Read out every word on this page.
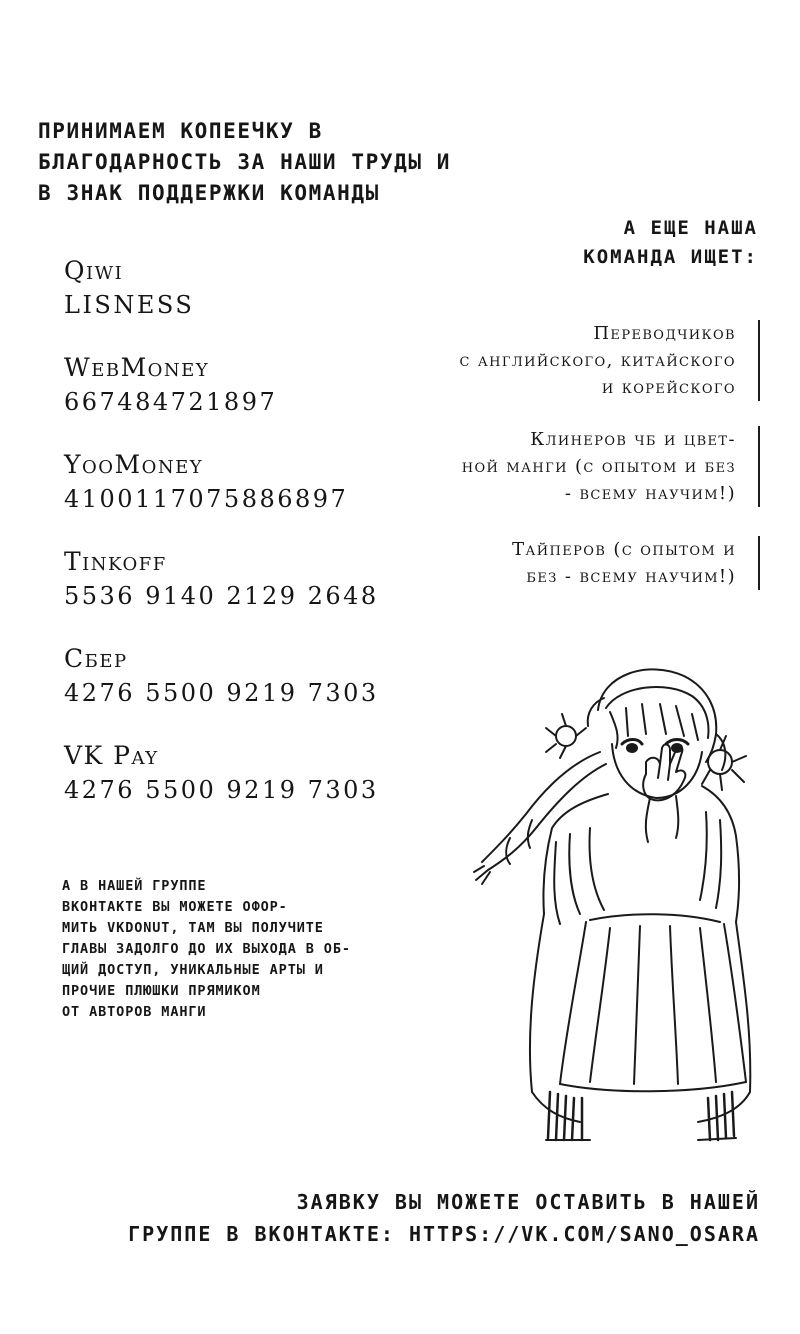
ПРИНИМАЕМ КОПЕЕЧКУ В
БЛАГОДАРНОСТЬ ЗА НАШИ ТРУДЫ И
В ЗНАК ПОДДЕРЖКИ КОМАНДЫ
А ЕЩЕ НАША
КОМАНДА ИЩЕТ:
Qiwi
LISNESS
WebMoney
667484721897
YooMoney
4100117075886897
Tinkoff
5536 9140 2129 2648
Сбер
4276 5500 9219 7303
VK Pay
4276 5500 9219 7303
Переводчиков
с английского, китайского
и корейского
Клинеров чб и цвет-
ной манги (с опытом и без
- всему научим!)
Тайперов (с опытом и
без - всему научим!)
А В НАШЕЙ ГРУППЕ
ВКОНТАКТЕ ВЫ МОЖЕТЕ ОФОР-
МИТЬ VKDONUT, ТАМ ВЫ ПОЛУЧИТЕ
ГЛАВЫ ЗАДОЛГО ДО ИХ ВЫХОДА В ОБ-
ЩИЙ ДОСТУП, УНИКАЛЬНЫЕ АРТЫ И
ПРОЧИЕ ПЛЮШКИ ПРЯМИКОМ
ОТ АВТОРОВ МАНГИ
ЗАЯВКУ ВЫ МОЖЕТЕ ОСТАВИТЬ В НАШЕЙ
ГРУППЕ В ВКОНТАКТЕ: HTTPS://VK.COM/SANO_OSARA
